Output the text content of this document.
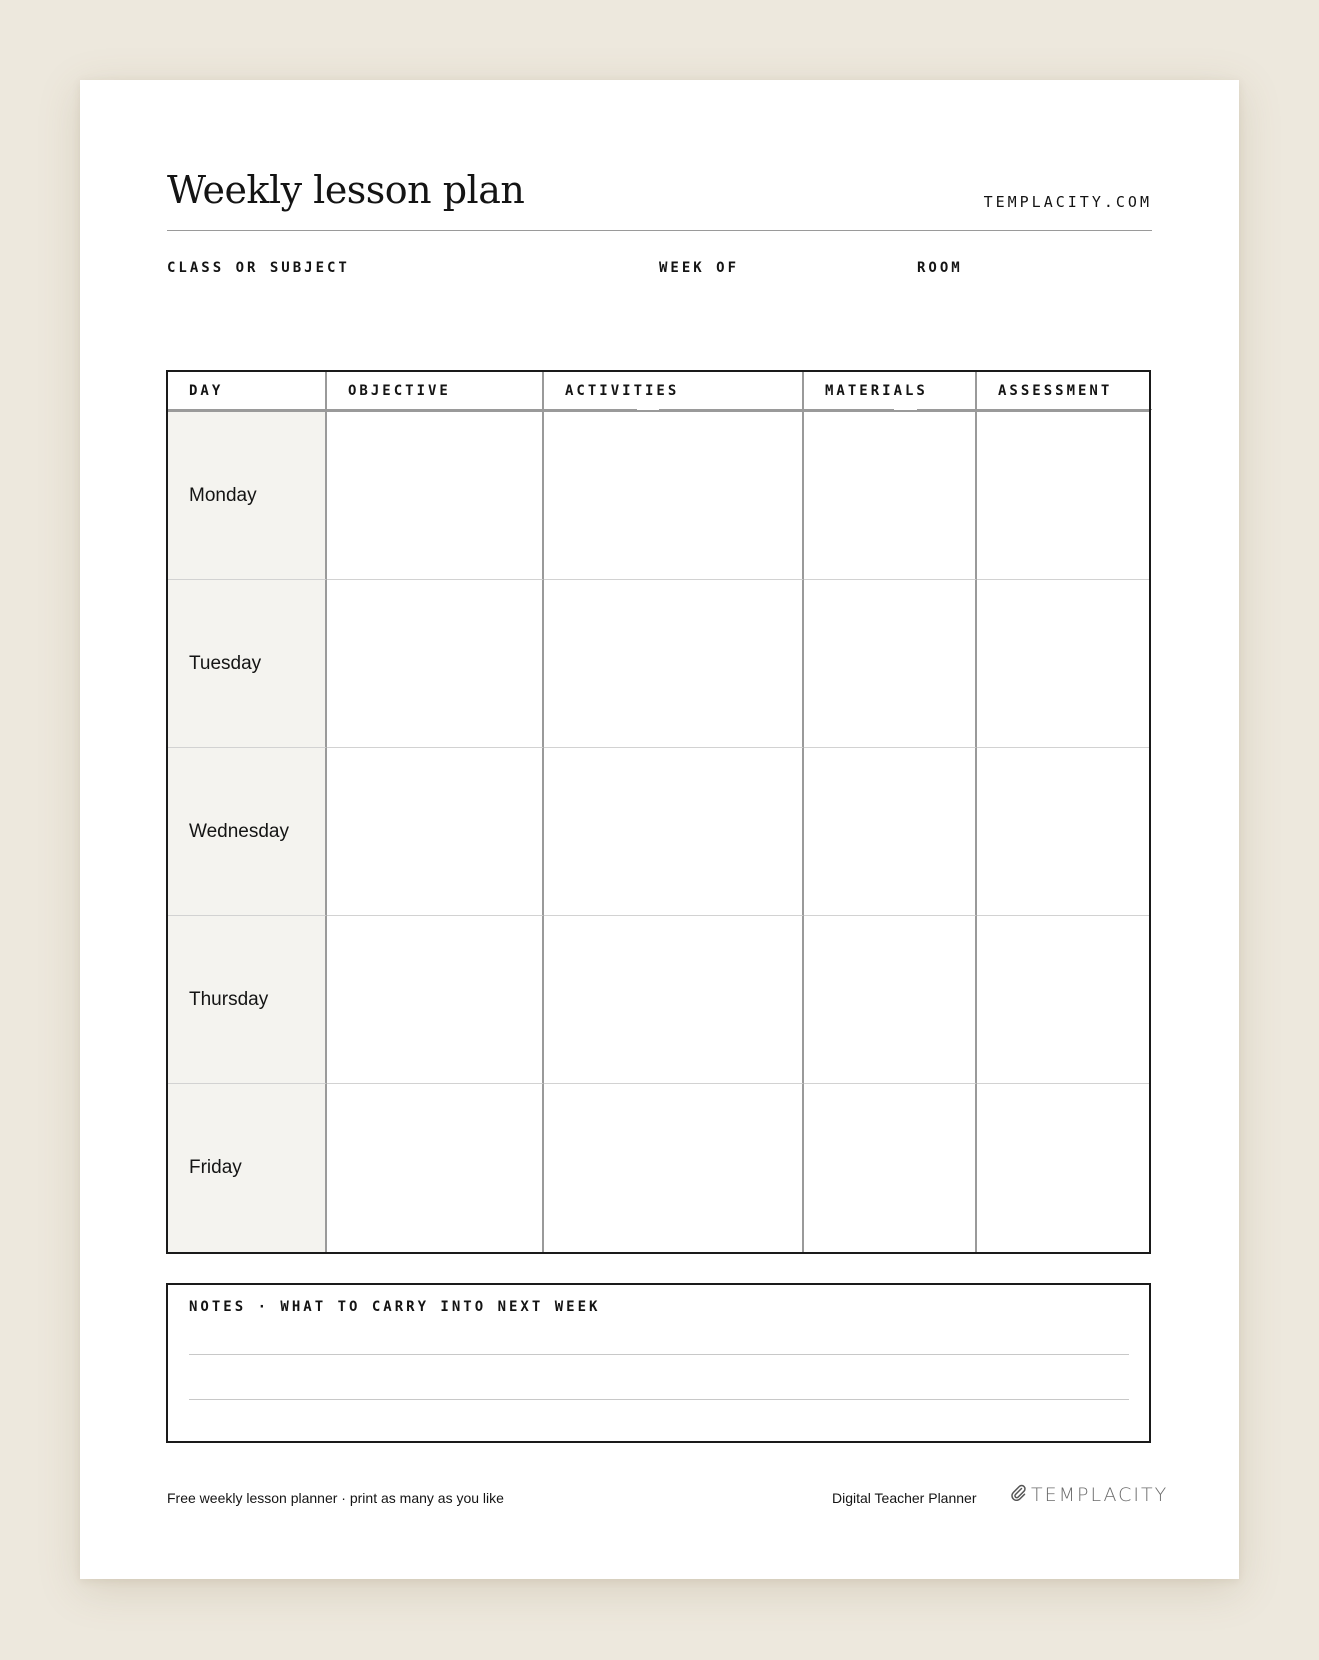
Weekly lesson plan	TEMPLACITY.COM
CLASS OR SUBJECT	WEEK OF	ROOM
DAY	OBJECTIVE	ACTIVITIES	MATERIALS	ASSESSMENT
Monday
Tuesday
Wednesday
Thursday
Friday
NOTES · WHAT TO CARRY INTO NEXT WEEK
Free weekly lesson planner · print as many as you like	Digital Teacher Planner	TEMPLACITY
